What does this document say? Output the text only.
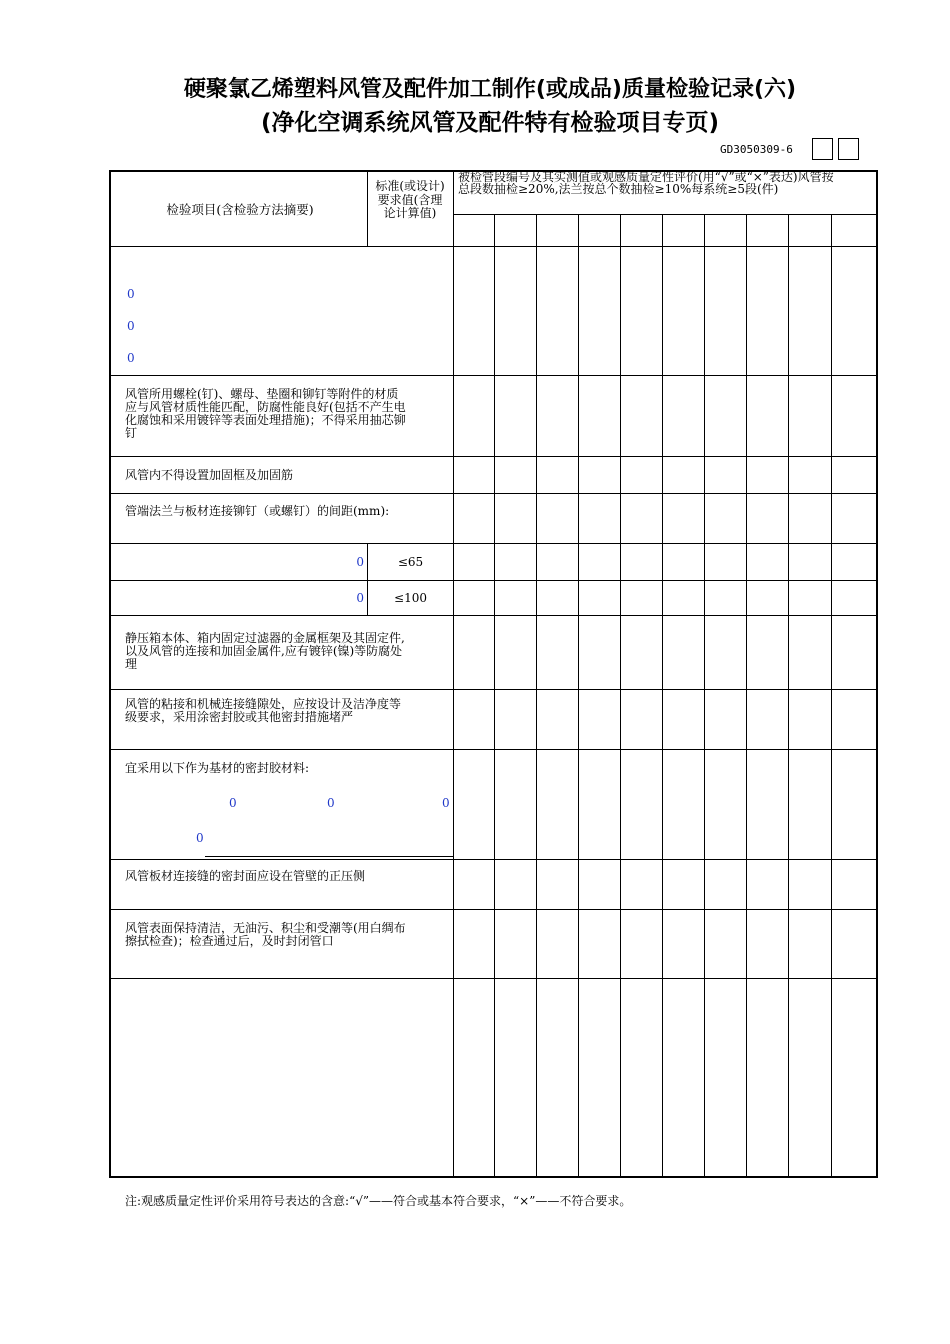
硬聚氯乙烯塑料风管及配件加工制作(或成品)质量检验记录(六)
(净化空调系统风管及配件特有检验项目专页)
GD3050309-6
检验项目(含检验方法摘要)
标准(或设计)要求值(含理论计算值)
被检管段编号及其实测值或观感质量定性评价(用“√”或“×”表达)风管按总段数抽检≥20%,法兰按总个数抽检≥10%每系统≥5段(件)
0
0
0
风管所用螺栓(钉)、螺母、垫圈和铆钉等附件的材质应与风管材质性能匹配，防腐性能良好(包括不产生电化腐蚀和采用镀锌等表面处理措施)；不得采用抽芯铆钉
风管内不得设置加固框及加固筋
管端法兰与板材连接铆钉（或螺钉）的间距(mm):
0	≤65
0	≤100
静压箱本体、箱内固定过滤器的金属框架及其固定件,以及风管的连接和加固金属件,应有镀锌(镍)等防腐处理
风管的粘接和机械连接缝隙处，应按设计及洁净度等级要求，采用涂密封胶或其他密封措施堵严
宜采用以下作为基材的密封胶材料:
0	0	0
0
风管板材连接缝的密封面应设在管壁的正压侧
风管表面保持清洁，无油污、积尘和受潮等(用白绸布擦拭检查)；检查通过后，及时封闭管口
注:观感质量定性评价采用符号表达的含意:“√”——符合或基本符合要求，“×”——不符合要求。
